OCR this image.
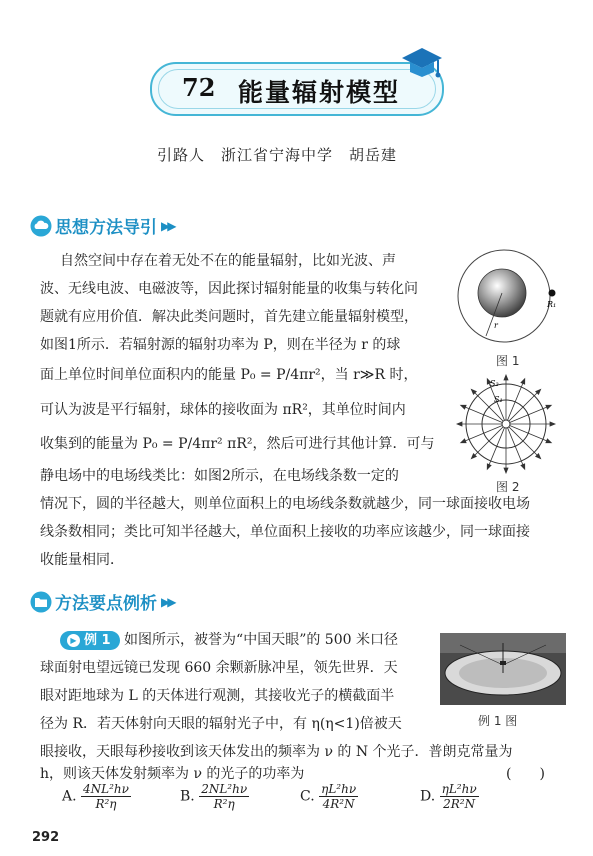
72 能量辐射模型
引路人　浙江省宁海中学　胡岳建
思想方法导引 ▶▶
自然空间中存在着无处不在的能量辐射，比如光波、声
波、无线电波、电磁波等，因此探讨辐射能量的收集与转化问
题就有应用价值．解决此类问题时，首先建立能量辐射模型，
如图1所示．若辐射源的辐射功率为 P，则在半径为 r 的球
面上单位时间单位面积内的能量 P₀ = P/4πr²，当 r≫R 时，
可认为波是平行辐射，球体的接收面为 πR²，其单位时间内
收集到的能量为 P₀ = P/4πr² πR²，然后可进行其他计算．可与
静电场中的电场线类比：如图2所示，在电场线条数一定的
情况下，圆的半径越大，则单位面积上的电场线条数就越少，同一球面接收电场
线条数相同；类比可知半径越大，单位面积上接收的功率应该越少，同一球面接
收能量相同．
R₁
r
图 1
S₂
S₁
图 2
方法要点例析 ▶▶
▶ 例 1 如图所示，被誉为“中国天眼”的 500 米口径
球面射电望远镜已发现 660 余颗新脉冲星，领先世界．天
眼对距地球为 L 的天体进行观测，其接收光子的横截面半
径为 R．若天体射向天眼的辐射光子中，有 η(η<1)倍被天
眼接收，天眼每秒接收到该天体发出的频率为 ν 的 N 个光子．普朗克常量为
h，则该天体发射频率为 ν 的光子的功率为	(　　)
例 1 图
A. $\frac{\text{4NL²hν}}{\text{R²η}}$	B. $\frac{\text{2NL²hν}}{\text{R²η}}$	C. $\frac{\text{ηL²hν}}{\text{4R²N}}$	D. $\frac{\text{ηL²hν}}{\text{2R²N}}$
292
